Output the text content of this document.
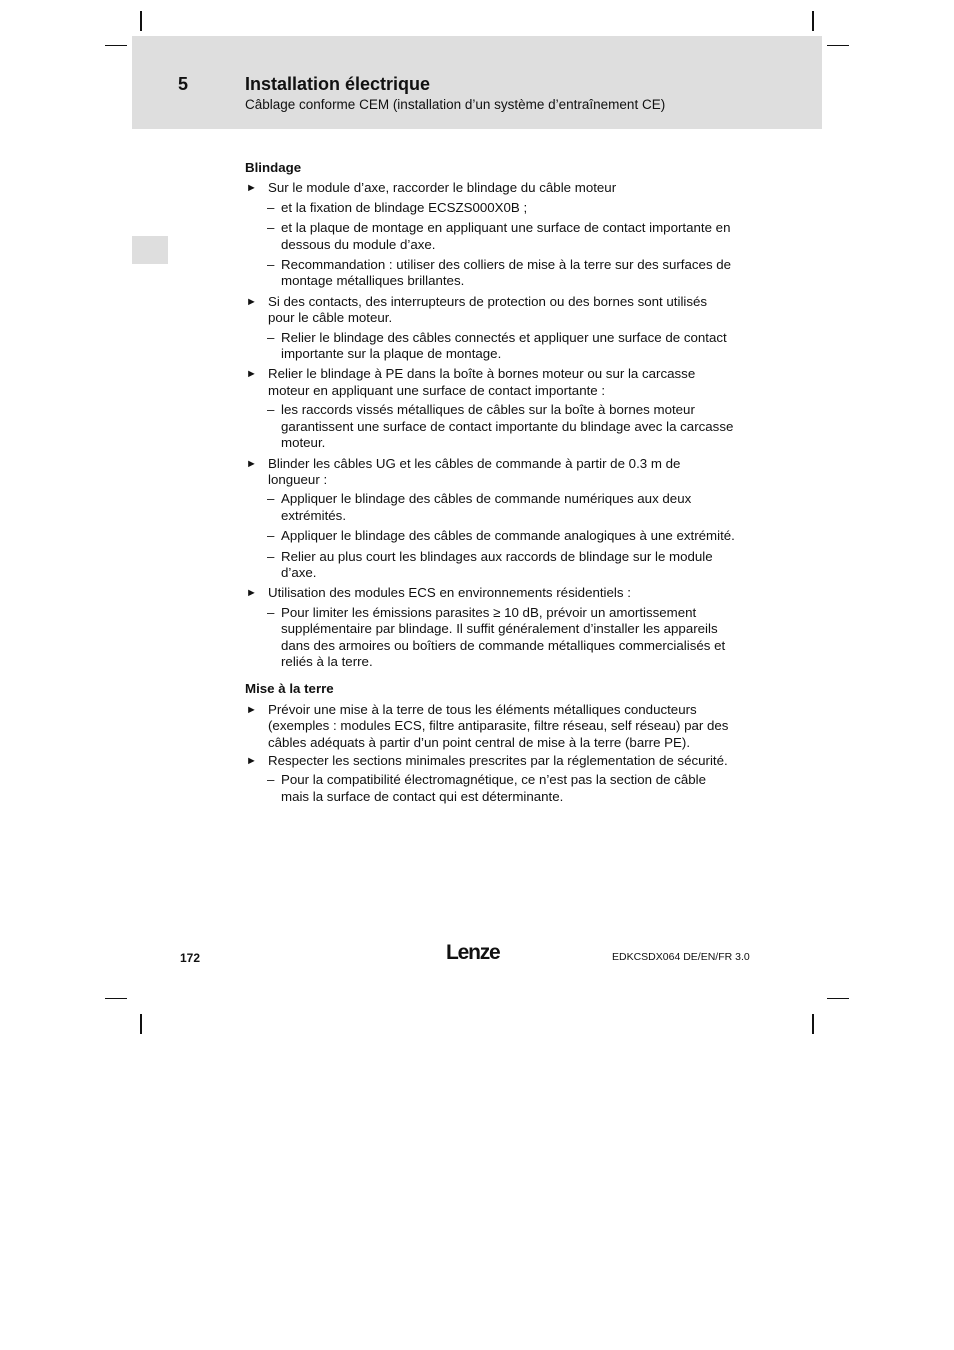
5	Installation électrique
Câblage conforme CEM (installation d’un système d’entraînement CE)
Blindage
► Sur le module d’axe, raccorder le blindage du câble moteur
– et la fixation de blindage ECSZS000X0B ;
– et la plaque de montage en appliquant une surface de contact importante en dessous du module d’axe.
– Recommandation : utiliser des colliers de mise à la terre sur des surfaces de montage métalliques brillantes.
► Si des contacts, des interrupteurs de protection ou des bornes sont utilisés pour le câble moteur.
– Relier le blindage des câbles connectés et appliquer une surface de contact importante sur la plaque de montage.
► Relier le blindage à PE dans la boîte à bornes moteur ou sur la carcasse moteur en appliquant une surface de contact importante :
– les raccords vissés métalliques de câbles sur la boîte à bornes moteur garantissent une surface de contact importante du blindage avec la carcasse moteur.
► Blinder les câbles UG et les câbles de commande à partir de 0.3 m de longueur :
– Appliquer le blindage des câbles de commande numériques aux deux extrémités.
– Appliquer le blindage des câbles de commande analogiques à une extrémité.
– Relier au plus court les blindages aux raccords de blindage sur le module d’axe.
► Utilisation des modules ECS en environnements résidentiels :
– Pour limiter les émissions parasites ≥ 10 dB, prévoir un amortissement supplémentaire par blindage. Il suffit généralement d’installer les appareils dans des armoires ou boîtiers de commande métalliques commercialisés et reliés à la terre.
Mise à la terre
► Prévoir une mise à la terre de tous les éléments métalliques conducteurs (exemples : modules ECS, filtre antiparasite, filtre réseau, self réseau) par des câbles adéquats à partir d’un point central de mise à la terre (barre PE).
► Respecter les sections minimales prescrites par la réglementation de sécurité.
– Pour la compatibilité électromagnétique, ce n’est pas la section de câble mais la surface de contact qui est déterminante.
172	Lenze	EDKCSDX064 DE/EN/FR 3.0
